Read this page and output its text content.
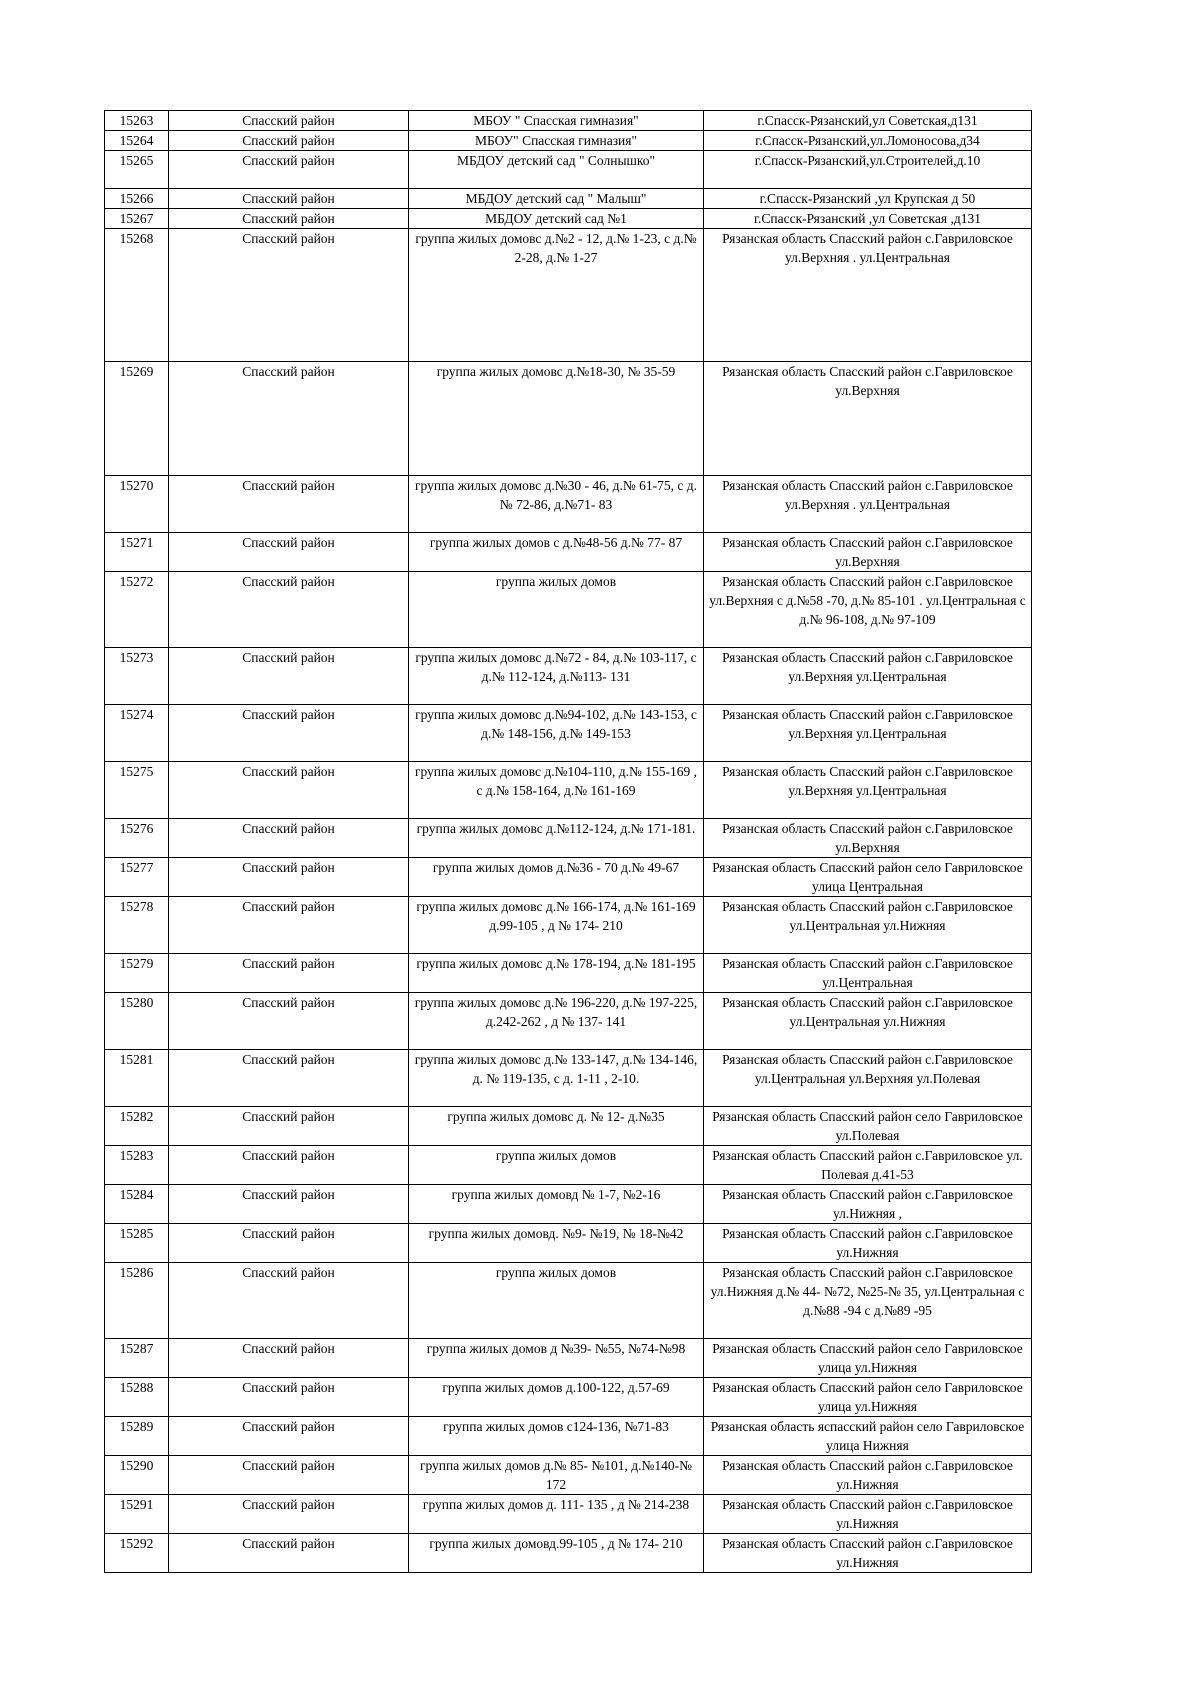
15263	Спасский район	МБОУ " Спасская гимназия"	г.Спасск-Рязанский,ул Советская,д131
15264	Спасский район	МБОУ" Спасская гимназия"	г.Спасск-Рязанский,ул.Ломоносова,д34
15265	Спасский район	МБДОУ детский сад " Солнышко"	г.Спасск-Рязанский,ул.Строителей,д.10
15266	Спасский район	МБДОУ детский сад " Малыш"	г.Спасск-Рязанский ,ул Крупская д 50
15267	Спасский район	МБДОУ детский сад №1	г.Спасск-Рязанский ,ул Советская ,д131
15268	Спасский район	группа жилых домовс д.№2 - 12, д.№ 1-23, с д.№ 2-28, д.№ 1-27	Рязанская область Спасский район с.Гавриловское ул.Верхняя . ул.Центральная
15269	Спасский район	группа жилых домовс д.№18-30, № 35-59	Рязанская область Спасский район с.Гавриловское ул.Верхняя
15270	Спасский район	группа жилых домовс д.№30 - 46, д.№ 61-75, с д.№ 72-86, д.№71- 83	Рязанская область Спасский район с.Гавриловское ул.Верхняя . ул.Центральная
15271	Спасский район	группа жилых домов с д.№48-56 д.№ 77- 87	Рязанская область Спасский район с.Гавриловское ул.Верхняя
15272	Спасский район	группа жилых домов	Рязанская область Спасский район с.Гавриловское ул.Верхняя с д.№58 -70, д.№ 85-101 . ул.Центральная с д.№ 96-108, д.№ 97-109
15273	Спасский район	группа жилых домовс д.№72 - 84, д.№ 103-117, с д.№ 112-124, д.№113- 131	Рязанская область Спасский район с.Гавриловское ул.Верхняя ул.Центральная
15274	Спасский район	группа жилых домовс д.№94-102, д.№ 143-153, с д.№ 148-156, д.№ 149-153	Рязанская область Спасский район с.Гавриловское ул.Верхняя ул.Центральная
15275	Спасский район	группа жилых домовс д.№104-110, д.№ 155-169 , с д.№ 158-164, д.№ 161-169	Рязанская область Спасский район с.Гавриловское ул.Верхняя ул.Центральная
15276	Спасский район	группа жилых домовс д.№112-124, д.№ 171-181.	Рязанская область Спасский район с.Гавриловское ул.Верхняя
15277	Спасский район	группа жилых домов д.№36 - 70 д.№ 49-67	Рязанская область Спасский район село Гавриловское улица Центральная
15278	Спасский район	группа жилых домовс д.№ 166-174, д.№ 161-169 д.99-105 , д № 174- 210	Рязанская область Спасский район с.Гавриловское ул.Центральная ул.Нижняя
15279	Спасский район	группа жилых домовс д.№ 178-194, д.№ 181-195	Рязанская область Спасский район с.Гавриловское ул.Центральная
15280	Спасский район	группа жилых домовс д.№ 196-220, д.№ 197-225, д.242-262 , д № 137- 141	Рязанская область Спасский район с.Гавриловское ул.Центральная ул.Нижняя
15281	Спасский район	группа жилых домовс д.№ 133-147, д.№ 134-146, д. № 119-135, с д. 1-11 , 2-10.	Рязанская область Спасский район с.Гавриловское ул.Центральная ул.Верхняя ул.Полевая
15282	Спасский район	группа жилых домовс д. № 12- д.№35	Рязанская область Спасский район село Гавриловское ул.Полевая
15283	Спасский район	группа жилых домов	Рязанская область Спасский район с.Гавриловское ул. Полевая д.41-53
15284	Спасский район	группа жилых домовд № 1-7, №2-16	Рязанская область Спасский район с.Гавриловское ул.Нижняя ,
15285	Спасский район	группа жилых домовд. №9- №19, № 18-№42	Рязанская область Спасский район с.Гавриловское ул.Нижняя
15286	Спасский район	группа жилых домов	Рязанская область Спасский район с.Гавриловское ул.Нижняя д.№ 44- №72, №25-№ 35, ул.Центральная с д.№88 -94 с д.№89 -95
15287	Спасский район	группа жилых домов д №39- №55, №74-№98	Рязанская область Спасский район село Гавриловское улица ул.Нижняя
15288	Спасский район	группа жилых домов д.100-122, д.57-69	Рязанская область Спасский район село Гавриловское улица ул.Нижняя
15289	Спасский район	группа жилых домов с124-136, №71-83	Рязанская область яспасский район село Гавриловское улица Нижняя
15290	Спасский район	группа жилых домов д.№ 85- №101, д.№140-№ 172	Рязанская область Спасский район с.Гавриловское ул.Нижняя
15291	Спасский район	группа жилых домов д. 111- 135 , д № 214-238	Рязанская область Спасский район с.Гавриловское ул.Нижняя
15292	Спасский район	группа жилых домовд.99-105 , д № 174- 210	Рязанская область Спасский район с.Гавриловское ул.Нижняя
